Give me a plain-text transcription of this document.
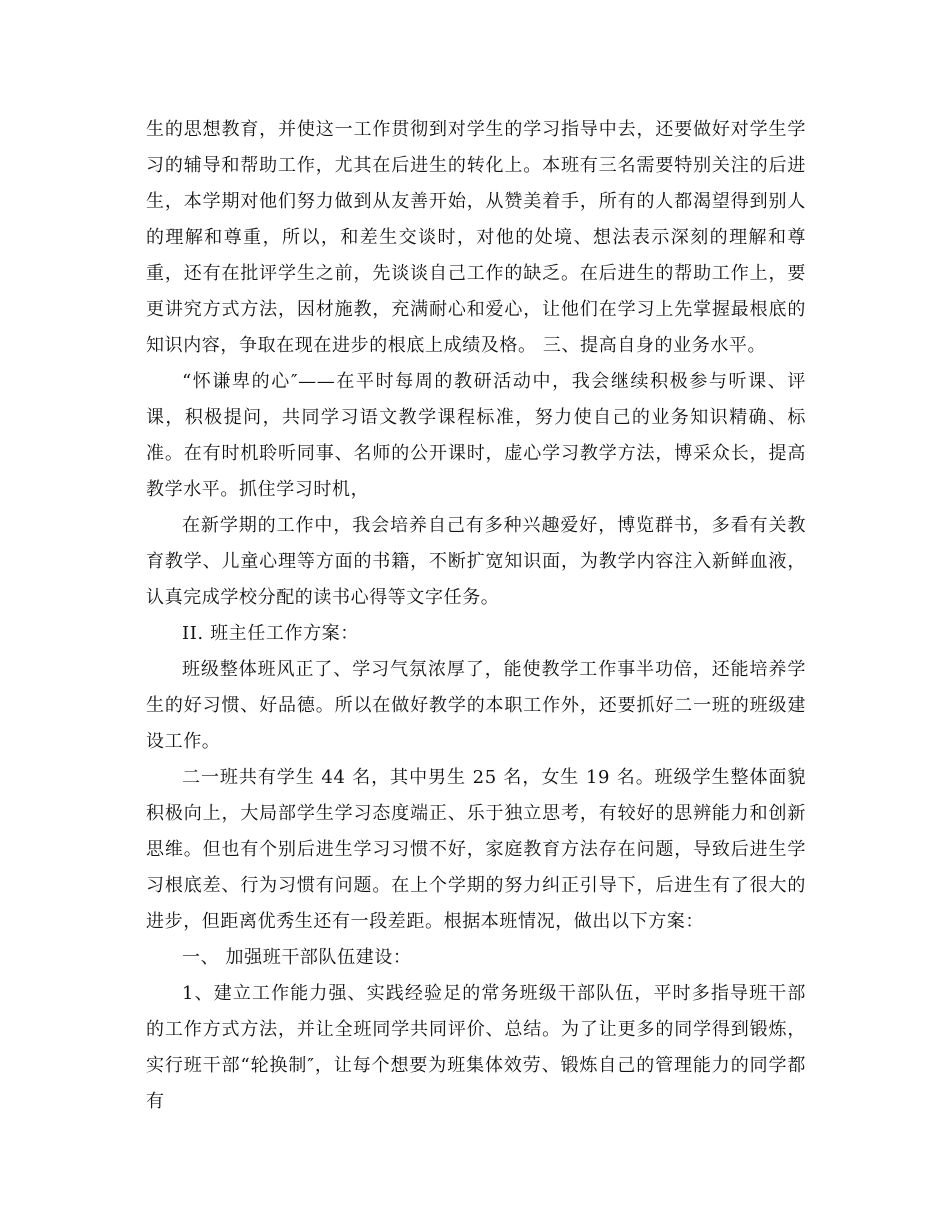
生的思想教育，并使这一工作贯彻到对学生的学习指导中去，还要做好对学生学习的辅导和帮助工作，尤其在后进生的转化上。本班有三名需要特别关注的后进生，本学期对他们努力做到从友善开始，从赞美着手，所有的人都渴望得到别人的理解和尊重，所以，和差生交谈时，对他的处境、想法表示深刻的理解和尊重，还有在批评学生之前，先谈谈自己工作的缺乏。在后进生的帮助工作上，要更讲究方式方法，因材施教，充满耐心和爱心，让他们在学习上先掌握最根底的知识内容，争取在现在进步的根底上成绩及格。 三、提高自身的业务水平。

“怀谦卑的心″——在平时每周的教研活动中，我会继续积极参与听课、评课，积极提问，共同学习语文教学课程标准，努力使自己的业务知识精确、标准。在有时机聆听同事、名师的公开课时，虚心学习教学方法，博采众长，提高教学水平。抓住学习时机，

在新学期的工作中，我会培养自己有多种兴趣爱好，博览群书，多看有关教育教学、儿童心理等方面的书籍，不断扩宽知识面，为教学内容注入新鲜血液，认真完成学校分配的读书心得等文字任务。

II. 班主任工作方案：

班级整体班风正了、学习气氛浓厚了，能使教学工作事半功倍，还能培养学生的好习惯、好品德。所以在做好教学的本职工作外，还要抓好二一班的班级建设工作。

二一班共有学生 44 名，其中男生 25 名，女生 19 名。班级学生整体面貌积极向上，大局部学生学习态度端正、乐于独立思考，有较好的思辨能力和创新思维。但也有个别后进生学习习惯不好，家庭教育方法存在问题，导致后进生学习根底差、行为习惯有问题。在上个学期的努力纠正引导下，后进生有了很大的进步，但距离优秀生还有一段差距。根据本班情况，做出以下方案：

一、 加强班干部队伍建设：

1、建立工作能力强、实践经验足的常务班级干部队伍，平时多指导班干部的工作方式方法，并让全班同学共同评价、总结。为了让更多的同学得到锻炼，实行班干部“轮换制″，让每个想要为班集体效劳、锻炼自己的管理能力的同学都有
